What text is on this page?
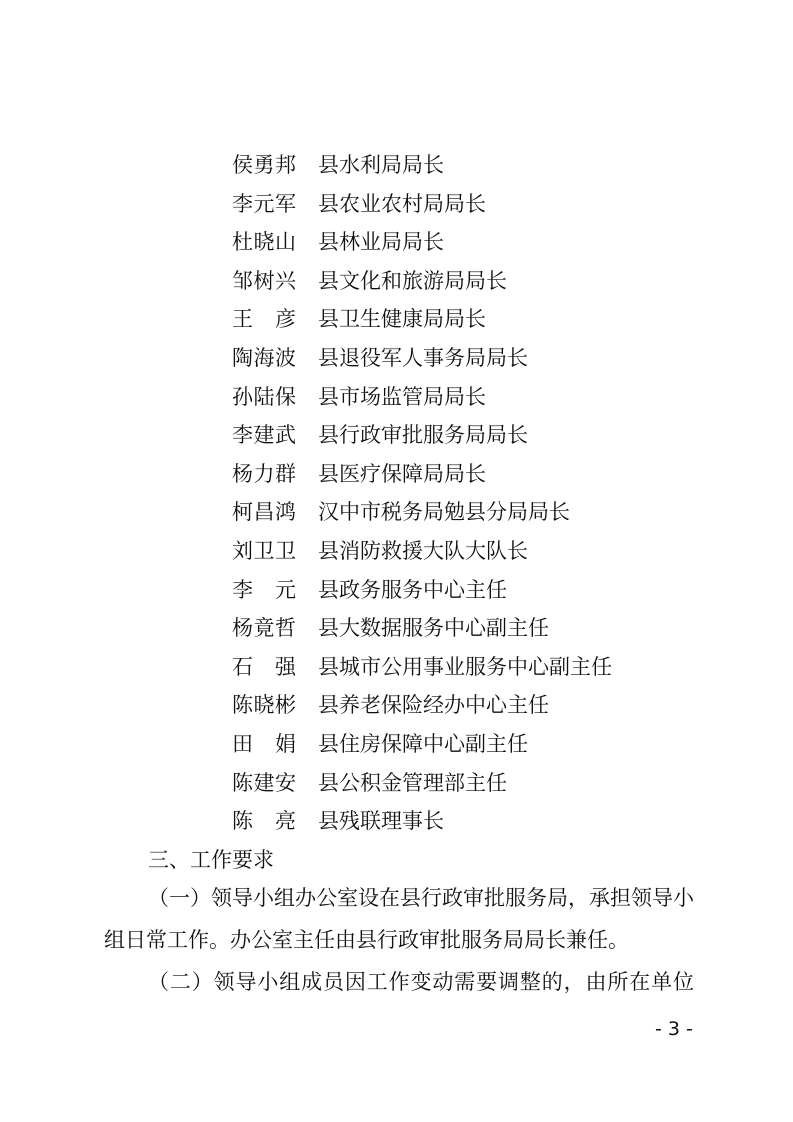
侯勇邦 县水利局局长
李元军 县农业农村局局长
杜晓山 县林业局局长
邹树兴 县文化和旅游局局长
王 彦 县卫生健康局局长
陶海波 县退役军人事务局局长
孙陆保 县市场监管局局长
李建武 县行政审批服务局局长
杨力群 县医疗保障局局长
柯昌鸿 汉中市税务局勉县分局局长
刘卫卫 县消防救援大队大队长
李 元 县政务服务中心主任
杨竟哲 县大数据服务中心副主任
石 强 县城市公用事业服务中心副主任
陈晓彬 县养老保险经办中心主任
田 娟 县住房保障中心副主任
陈建安 县公积金管理部主任
陈 亮 县残联理事长
三、工作要求
（一）领导小组办公室设在县行政审批服务局，承担领导小
组日常工作。办公室主任由县行政审批服务局局长兼任。
（二）领导小组成员因工作变动需要调整的，由所在单位
- 3 -
